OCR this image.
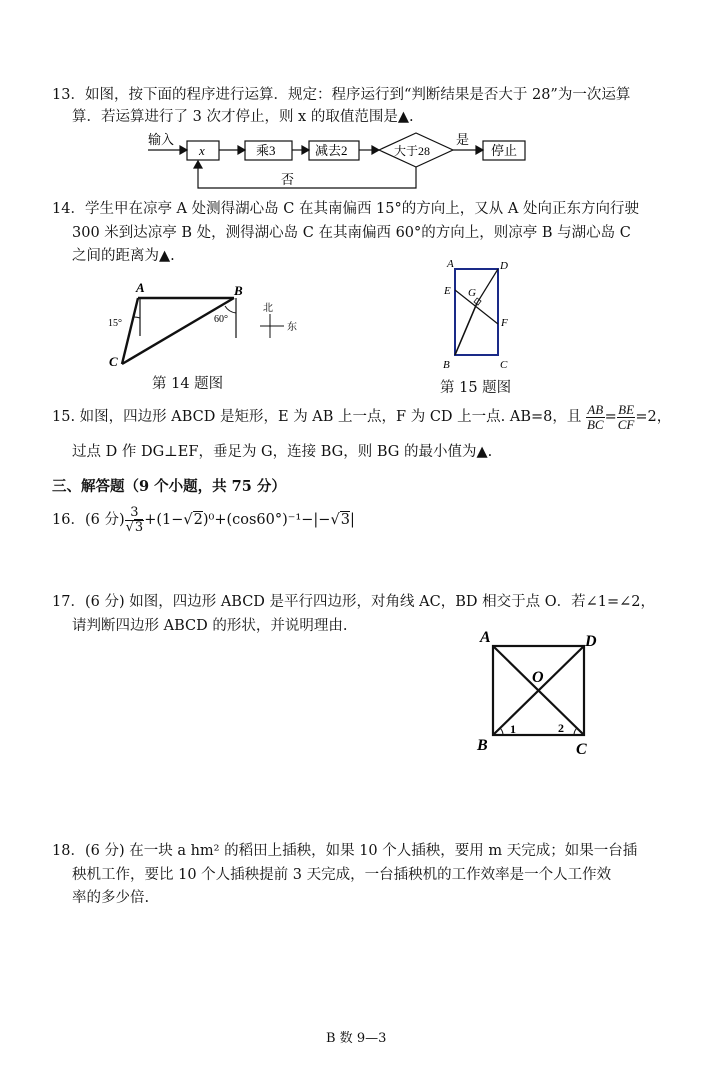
13．如图，按下面的程序进行运算．规定：程序运行到“判断结果是否大于 28”为一次运算
算．若运算进行了 3 次才停止，则 x 的取值范围是▲.
输入
x	乘3	减去2	大于28
是
停止
否
14．学生甲在凉亭 A 处测得湖心岛 C 在其南偏西 15°的方向上，又从 A 处向正东方向行驶
300 米到达凉亭 B 处，测得湖心岛 C 在其南偏西 60°的方向上，则凉亭 B 与湖心岛 C
之间的距离为▲.
A	B
C
15°	60°
北
东
第 14 题图
A	D
E G
F
B	C
第 15 题图
15. 如图，四边形 ABCD 是矩形，E 为 AB 上一点，F 为 CD 上一点. AB=8，且 $\frac{AB}{BC} = \frac{BE}{CF} =2$，
过点 D 作 DG⊥EF，垂足为 G，连接 BG，则 BG 的最小值为▲.
三、解答题（9 个小题，共 75 分）
16．(6 分) $\frac{3}{√3} +(1-√2)^0+(\cos 60^\circ)^{-1}-|-√3|$
17．(6 分) 如图，四边形 ABCD 是平行四边形，对角线 AC，BD 相交于点 O．若∠1=∠2，
请判断四边形 ABCD 的形状，并说明理由.
A	D
O
B	C
1	2
18．(6 分) 在一块 a hm² 的稻田上插秧，如果 10 个人插秧，要用 m 天完成；如果一台插
秧机工作，要比 10 个人插秧提前 3 天完成，一台插秧机的工作效率是一个人工作效
率的多少倍.
B 数 9—3
